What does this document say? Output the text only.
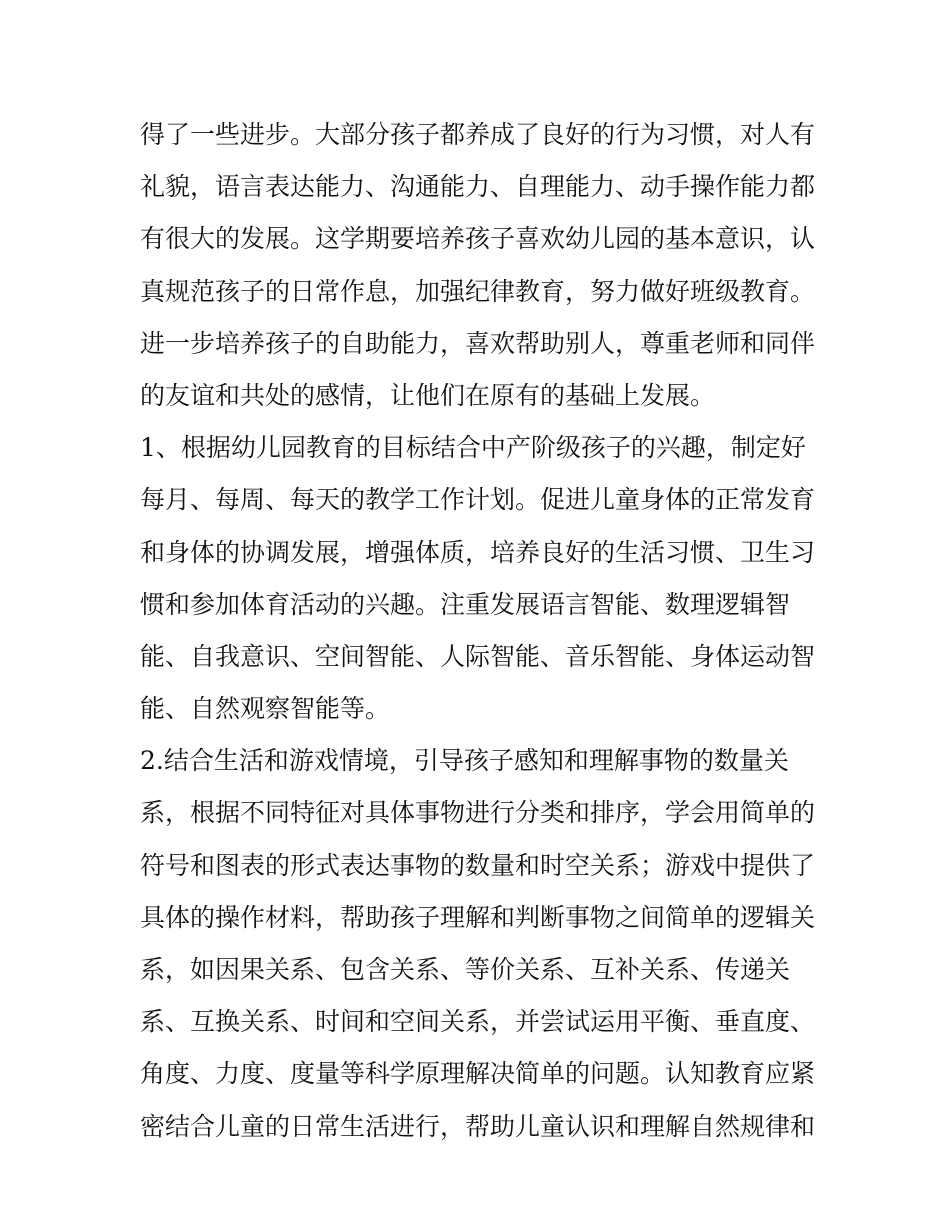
得了一些进步。大部分孩子都养成了良好的行为习惯，对人有
礼貌，语言表达能力、沟通能力、自理能力、动手操作能力都
有很大的发展。这学期要培养孩子喜欢幼儿园的基本意识，认
真规范孩子的日常作息，加强纪律教育，努力做好班级教育。
进一步培养孩子的自助能力，喜欢帮助别人，尊重老师和同伴
的友谊和共处的感情，让他们在原有的基础上发展。
1、根据幼儿园教育的目标结合中产阶级孩子的兴趣，制定好
每月、每周、每天的教学工作计划。促进儿童身体的正常发育
和身体的协调发展，增强体质，培养良好的生活习惯、卫生习
惯和参加体育活动的兴趣。注重发展语言智能、数理逻辑智
能、自我意识、空间智能、人际智能、音乐智能、身体运动智
能、自然观察智能等。
2.结合生活和游戏情境，引导孩子感知和理解事物的数量关
系，根据不同特征对具体事物进行分类和排序，学会用简单的
符号和图表的形式表达事物的数量和时空关系；游戏中提供了
具体的操作材料，帮助孩子理解和判断事物之间简单的逻辑关
系，如因果关系、包含关系、等价关系、互补关系、传递关
系、互换关系、时间和空间关系，并尝试运用平衡、垂直度、
角度、力度、度量等科学原理解决简单的问题。认知教育应紧
密结合儿童的日常生活进行，帮助儿童认识和理解自然规律和
